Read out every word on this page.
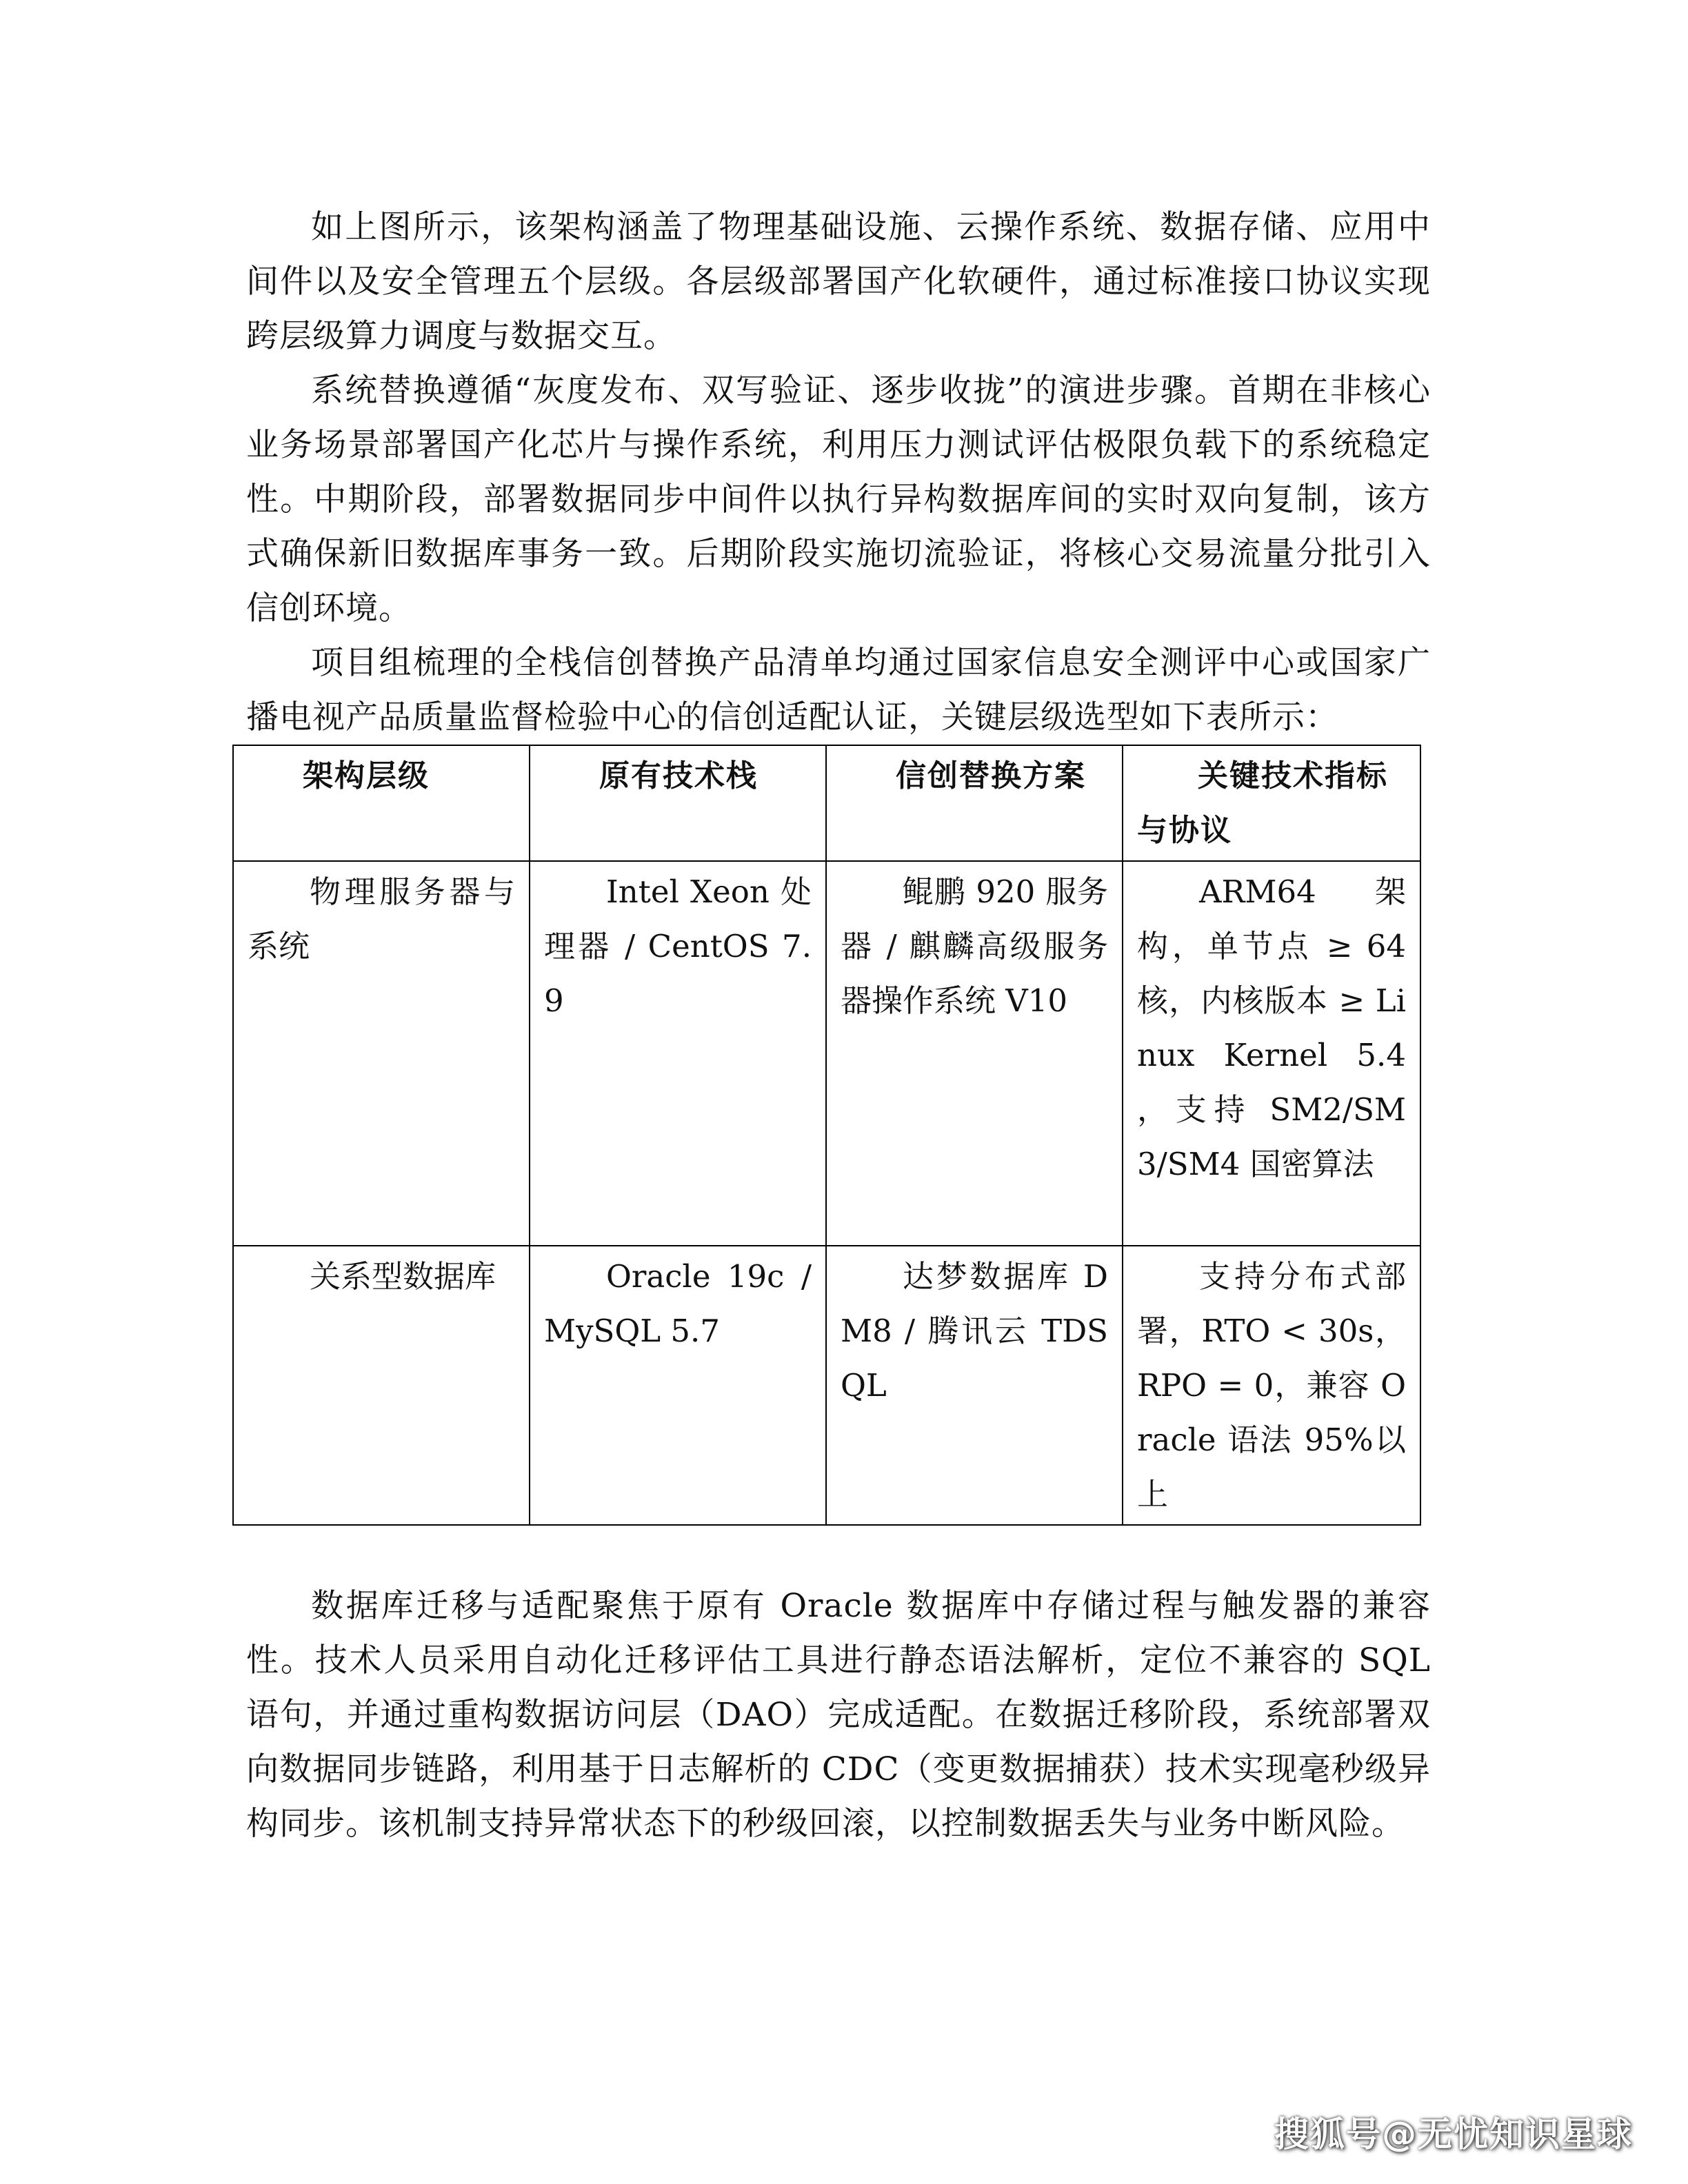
如上图所示，该架构涵盖了物理基础设施、云操作系统、数据存储、应用中间件以及安全管理五个层级。各层级部署国产化软硬件，通过标准接口协议实现跨层级算力调度与数据交互。

系统替换遵循“灰度发布、双写验证、逐步收拢”的演进步骤。首期在非核心业务场景部署国产化芯片与操作系统，利用压力测试评估极限负载下的系统稳定性。中期阶段，部署数据同步中间件以执行异构数据库间的实时双向复制，该方式确保新旧数据库事务一致。后期阶段实施切流验证，将核心交易流量分批引入信创环境。

项目组梳理的全栈信创替换产品清单均通过国家信息安全测评中心或国家广播电视产品质量监督检验中心的信创适配认证，关键层级选型如下表所示：

架构层级	原有技术栈	信创替换方案	关键技术指标与协议
物理服务器与系统	Intel Xeon 处理器 / CentOS 7.9	鲲鹏 920 服务器 / 麒麟高级服务器操作系统 V10	ARM64 架构，单节点 ≥ 64 核，内核版本 ≥ Linux Kernel 5.4 ，支持 SM2/SM3/SM4 国密算法
关系型数据库	Oracle 19c / MySQL 5.7	达梦数据库 DM8 / 腾讯云 TDSQL	支持分布式部署，RTO < 30s，RPO = 0，兼容 Oracle 语法 95%以上

数据库迁移与适配聚焦于原有 Oracle 数据库中存储过程与触发器的兼容性。技术人员采用自动化迁移评估工具进行静态语法解析，定位不兼容的 SQL 语句，并通过重构数据访问层（DAO）完成适配。在数据迁移阶段，系统部署双向数据同步链路，利用基于日志解析的 CDC（变更数据捕获）技术实现毫秒级异构同步。该机制支持异常状态下的秒级回滚，以控制数据丢失与业务中断风险。

搜狐号@无忧知识星球
